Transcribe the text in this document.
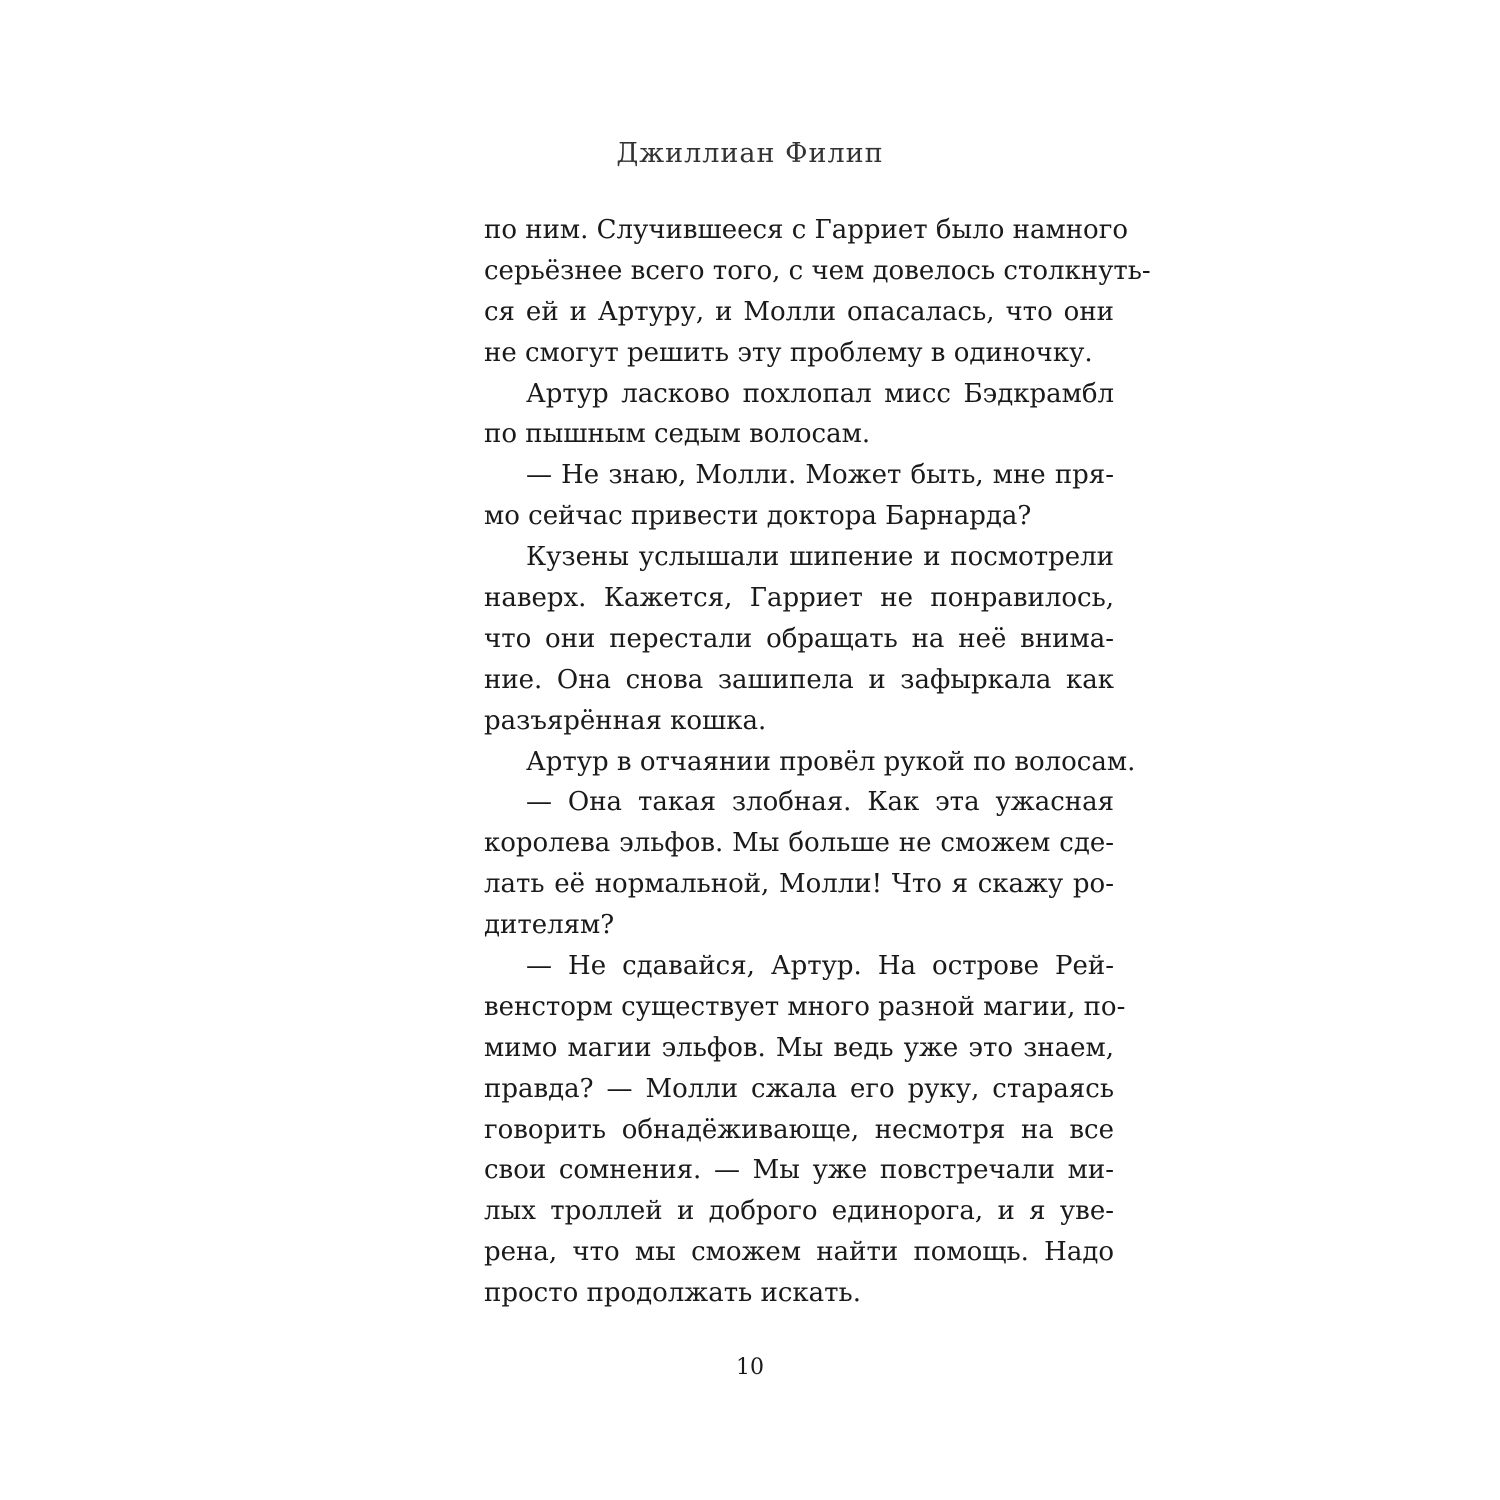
Джиллиан Филип
по ним. Случившееся с Гарриет было намного
серьёзнее всего того, с чем довелось столкнуть-
ся ей и Артуру, и Молли опасалась, что они
не смогут решить эту проблему в одиночку.
Артур ласково похлопал мисс Бэдкрамбл
по пышным седым волосам.
— Не знаю, Молли. Может быть, мне пря-
мо сейчас привести доктора Барнарда?
Кузены услышали шипение и посмотрели
наверх. Кажется, Гарриет не понравилось,
что они перестали обращать на неё внима-
ние. Она снова зашипела и зафыркала как
разъярённая кошка.
Артур в отчаянии провёл рукой по волосам.
— Она такая злобная. Как эта ужасная
королева эльфов. Мы больше не сможем сде-
лать её нормальной, Молли! Что я скажу ро-
дителям?
— Не сдавайся, Артур. На острове Рей-
венсторм существует много разной магии, по-
мимо магии эльфов. Мы ведь уже это знаем,
правда? — Молли сжала его руку, стараясь
говорить обнадёживающе, несмотря на все
свои сомнения. — Мы уже повстречали ми-
лых троллей и доброго единорога, и я уве-
рена, что мы сможем найти помощь. Надо
просто продолжать искать.
10
